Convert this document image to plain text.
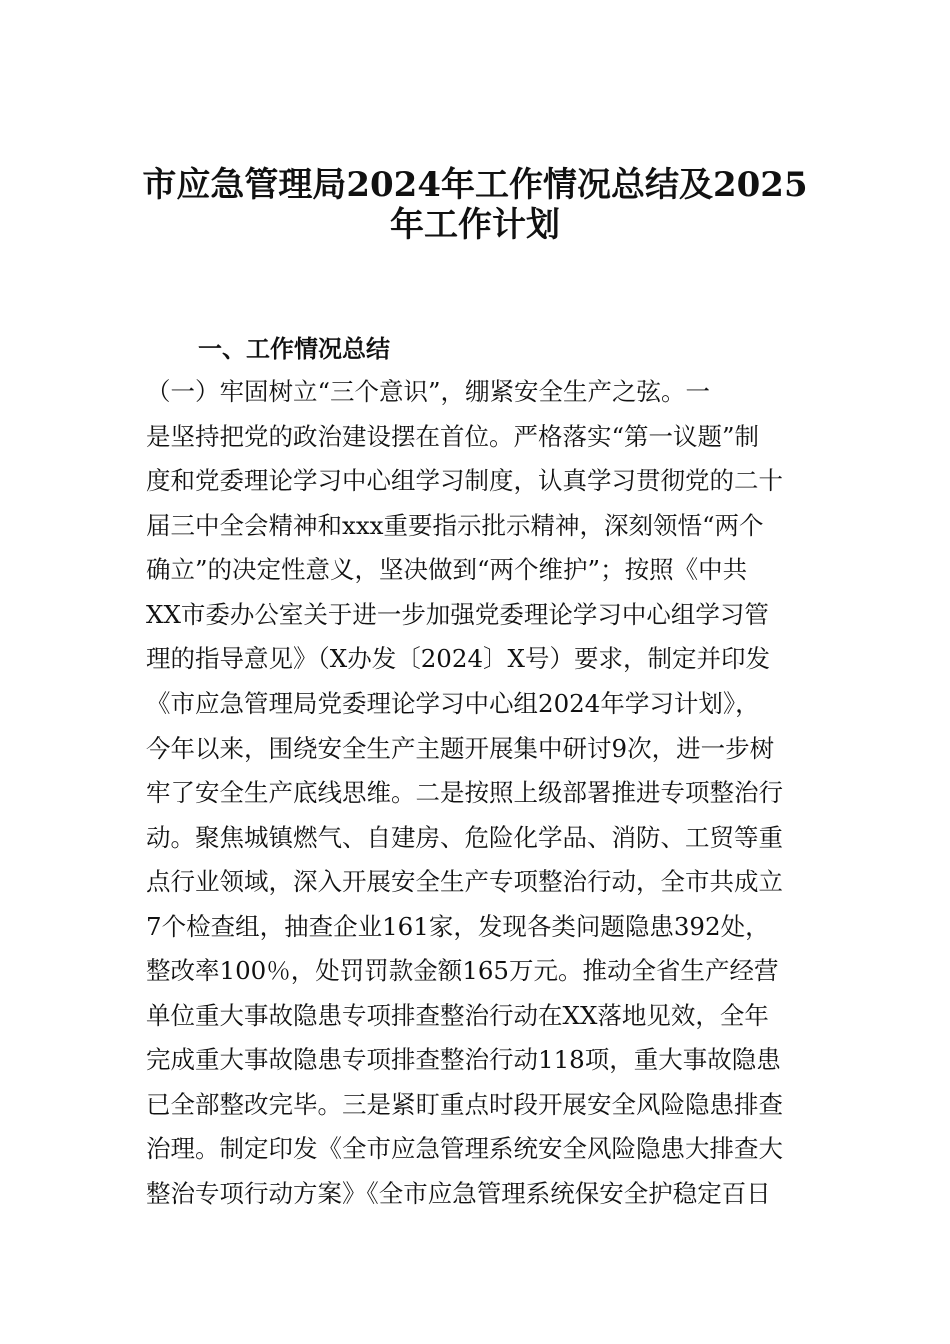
市应急管理局2024年工作情况总结及2025
年工作计划
一、工作情况总结
（一）牢固树立“三个意识”，绷紧安全生产之弦。一
是坚持把党的政治建设摆在首位。严格落实“第一议题”制
度和党委理论学习中心组学习制度，认真学习贯彻党的二十
届三中全会精神和xxx重要指示批示精神，深刻领悟“两个
确立”的决定性意义，坚决做到“两个维护”；按照《中共
XX市委办公室关于进一步加强党委理论学习中心组学习管
理的指导意见》（X办发〔2024〕X号）要求，制定并印发
《市应急管理局党委理论学习中心组2024年学习计划》，
今年以来，围绕安全生产主题开展集中研讨9次，进一步树
牢了安全生产底线思维。二是按照上级部署推进专项整治行
动。聚焦城镇燃气、自建房、危险化学品、消防、工贸等重
点行业领域，深入开展安全生产专项整治行动，全市共成立
7个检查组，抽查企业161家，发现各类问题隐患392处，
整改率100％，处罚罚款金额165万元。推动全省生产经营
单位重大事故隐患专项排查整治行动在XX落地见效，全年
完成重大事故隐患专项排查整治行动118项，重大事故隐患
已全部整改完毕。三是紧盯重点时段开展安全风险隐患排查
治理。制定印发《全市应急管理系统安全风险隐患大排查大
整治专项行动方案》《全市应急管理系统保安全护稳定百日
